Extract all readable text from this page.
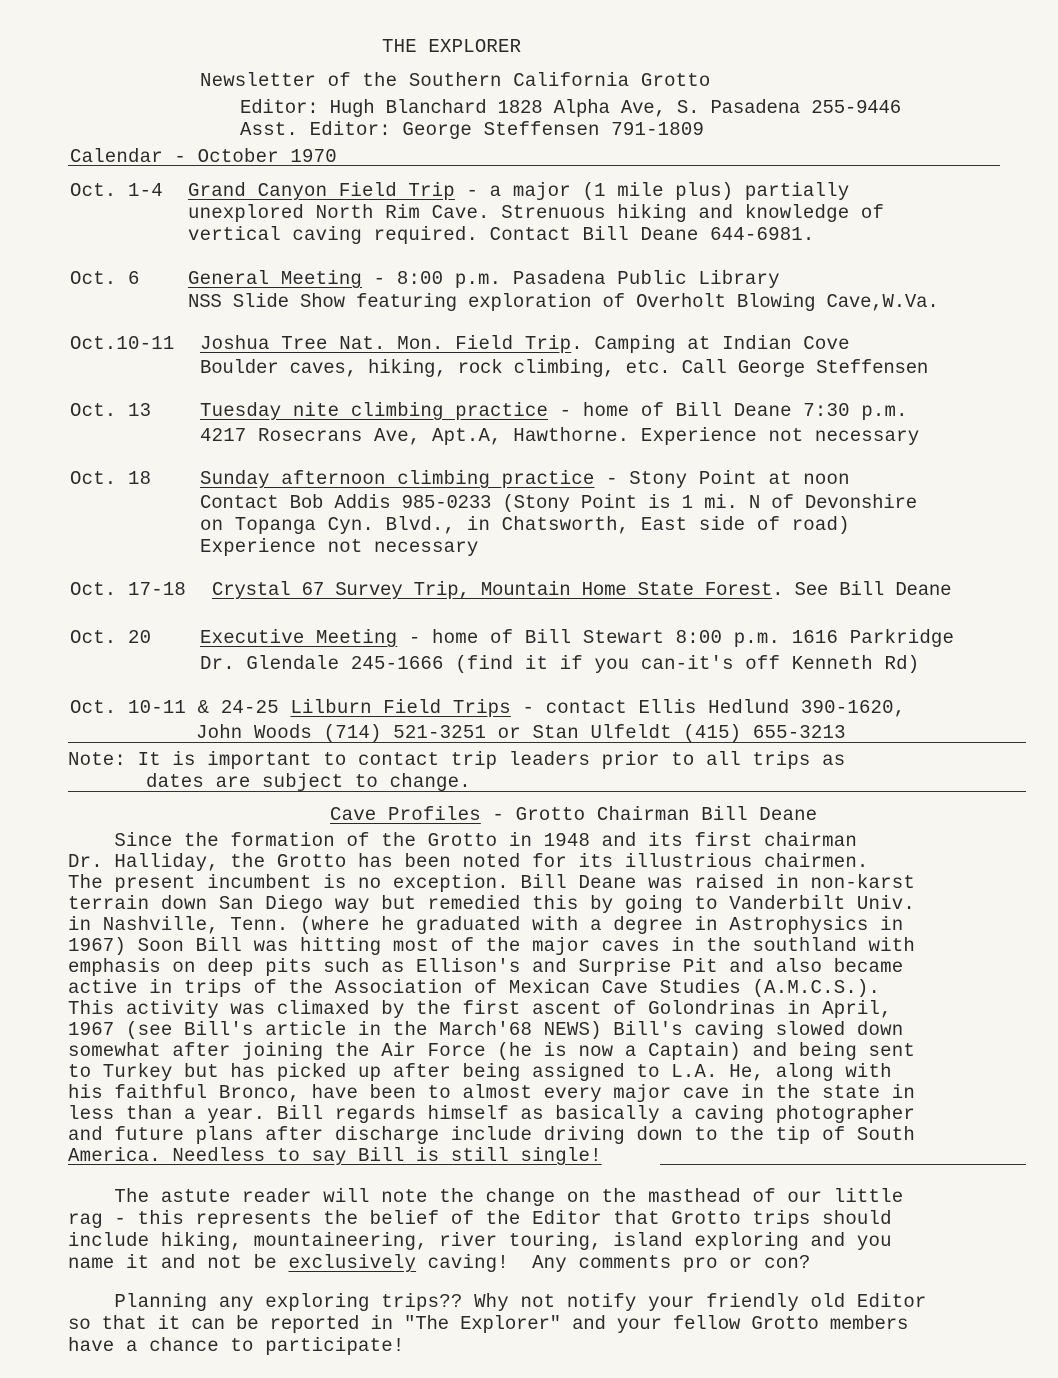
THE EXPLORER
Newsletter of the Southern California Grotto
Editor: Hugh Blanchard 1828 Alpha Ave, S. Pasadena 255-9446
Asst. Editor: George Steffensen 791-1809
Calendar - October 1970
Oct. 1-4 Grand Canyon Field Trip - a major (1 mile plus) partially
unexplored North Rim Cave. Strenuous hiking and knowledge of
vertical caving required. Contact Bill Deane 644-6981.
Oct. 6	General Meeting - 8:00 p.m. Pasadena Public Library
NSS Slide Show featuring exploration of Overholt Blowing Cave,W.Va.
Oct.10-11 Joshua Tree Nat. Mon. Field Trip. Camping at Indian Cove
Boulder caves, hiking, rock climbing, etc. Call George Steffensen
Oct. 13	Tuesday nite climbing practice - home of Bill Deane 7:30 p.m.
4217 Rosecrans Ave, Apt.A, Hawthorne. Experience not necessary
Oct. 18	Sunday afternoon climbing practice - Stony Point at noon
Contact Bob Addis 985-0233 (Stony Point is 1 mi. N of Devonshire
on Topanga Cyn. Blvd., in Chatsworth, East side of road)
Experience not necessary
Oct. 17-18 Crystal 67 Survey Trip, Mountain Home State Forest. See Bill Deane
Oct. 20	Executive Meeting - home of Bill Stewart 8:00 p.m. 1616 Parkridge
Dr. Glendale 245-1666 (find it if you can-it's off Kenneth Rd)
Oct. 10-11 & 24-25 Lilburn Field Trips - contact Ellis Hedlund 390-1620,
John Woods (714) 521-3251 or Stan Ulfeldt (415) 655-3213
Note: It is important to contact trip leaders prior to all trips as
dates are subject to change.
Cave Profiles - Grotto Chairman Bill Deane
Since the formation of the Grotto in 1948 and its first chairman
Dr. Halliday, the Grotto has been noted for its illustrious chairmen.
The present incumbent is no exception. Bill Deane was raised in non-karst
terrain down San Diego way but remedied this by going to Vanderbilt Univ.
in Nashville, Tenn. (where he graduated with a degree in Astrophysics in
1967) Soon Bill was hitting most of the major caves in the southland with
emphasis on deep pits such as Ellison's and Surprise Pit and also became
active in trips of the Association of Mexican Cave Studies (A.M.C.S.).
This activity was climaxed by the first ascent of Golondrinas in April,
1967 (see Bill's article in the March'68 NEWS) Bill's caving slowed down
somewhat after joining the Air Force (he is now a Captain) and being sent
to Turkey but has picked up after being assigned to L.A. He, along with
his faithful Bronco, have been to almost every major cave in the state in
less than a year. Bill regards himself as basically a caving photographer
and future plans after discharge include driving down to the tip of South
America. Needless to say Bill is still single!
The astute reader will note the change on the masthead of our little
rag - this represents the belief of the Editor that Grotto trips should
include hiking, mountaineering, river touring, island exploring and you
name it and not be exclusively caving!  Any comments pro or con?
Planning any exploring trips?? Why not notify your friendly old Editor
so that it can be reported in "The Explorer" and your fellow Grotto members
have a chance to participate!
